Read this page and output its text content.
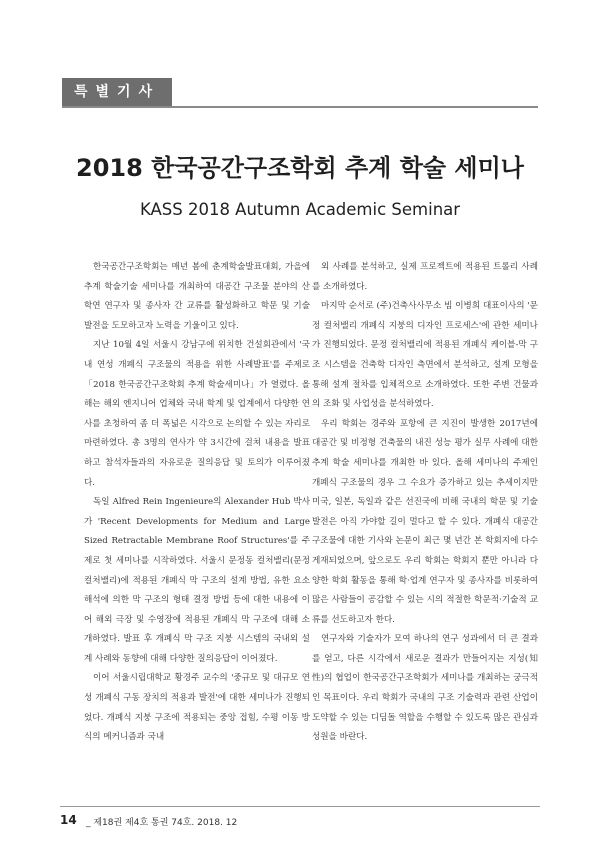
특별기사
2018 한국공간구조학회 추계 학술 세미나
KASS 2018 Autumn Academic Seminar

한국공간구조학회는 매년 봄에 춘계학술발표대회, 가을에 추계 학술기술 세미나를 개최하여 대공간 구조물 분야의 산학연 연구자 및 종사자 간 교류를 활성화하고 학문 및 기술 발전을 도모하고자 노력을 기울이고 있다.

지난 10월 4일 서울시 강남구에 위치한 건설회관에서 '국내 연성 개폐식 구조물의 적용을 위한 사례발표'를 주제로 「2018 한국공간구조학회 추계 학술세미나」가 열렸다. 올해는 해외 엔지니어 업체와 국내 학계 및 업계에서 다양한 연사를 초청하여 좀 더 폭넓은 시각으로 논의할 수 있는 자리로 마련하였다. 총 3명의 연사가 약 3시간에 걸쳐 내용을 발표하고 참석자들과의 자유로운 질의응답 및 토의가 이루어졌다.

독일 Alfred Rein Ingenieure의 Alexander Hub 박사가 'Recent Developments for Medium and Large Sized Retractable Membrane Roof Structures'를 주제로 첫 세미나를 시작하였다. 서울시 문정동 컬처밸리(문정 컬처밸리)에 적용된 개폐식 막 구조의 설계 방법, 유한 요소 해석에 의한 막 구조의 형태 결정 방법 등에 대한 내용에 이어 해외 극장 및 수영장에 적용된 개폐식 막 구조에 대해 소개하였다. 발표 후 개폐식 막 구조 지붕 시스템의 국내외 설계 사례와 동향에 대해 다양한 질의응답이 이어졌다.

이어 서울시립대학교 황경주 교수의 '중규모 및 대규모 연성 개폐식 구동 장치의 적용과 발전'에 대한 세미나가 진행되었다. 개폐식 지붕 구조에 적용되는 중앙 접힘, 수평 이동 방식의 메커니즘과 국내

외 사례를 분석하고, 실제 프로젝트에 적용된 트롤리 사례를 소개하였다.

마지막 순서로 (주)건축사사무소 빔 이병희 대표이사의 '문정 컬처밸리 개폐식 지붕의 디자인 프로세스'에 관한 세미나가 진행되었다. 문정 컬처밸리에 적용된 개폐식 케이블-막 구조 시스템을 건축학 디자인 측면에서 분석하고, 설계 모형을 통해 설계 절차를 입체적으로 소개하였다. 또한 주변 건물과의 조화 및 사업성을 분석하였다.

우리 학회는 경주와 포항에 큰 지진이 발생한 2017년에 대공간 및 비정형 건축물의 내진 성능 평가 실무 사례에 대한 추계 학술 세미나를 개최한 바 있다. 올해 세미나의 주제인 개폐식 구조물의 경우 그 수요가 증가하고 있는 추세이지만 미국, 일본, 독일과 같은 선진국에 비해 국내의 학문 및 기술 발전은 아직 가야할 길이 멀다고 할 수 있다. 개폐식 대공간 구조물에 대한 기사와 논문이 최근 몇 년간 본 학회지에 다수 게재되었으며, 앞으로도 우리 학회는 학회지 뿐만 아니라 다양한 학회 활동을 통해 학·업계 연구자 및 종사자를 비롯하여 많은 사람들이 공감할 수 있는 시의 적절한 학문적·기술적 교류를 선도하고자 한다.

연구자와 기술자가 모여 하나의 연구 성과에서 더 큰 결과를 얻고, 다른 시각에서 새로운 결과가 만들어지는 지성(知性)의 협업이 한국공간구조학회가 세미나를 개최하는 궁극적인 목표이다. 우리 학회가 국내의 구조 기술력과 관련 산업이 도약할 수 있는 디딤돌 역할을 수행할 수 있도록 많은 관심과 성원을 바란다.

14 _ 제18권 제4호 통권 74호. 2018. 12
